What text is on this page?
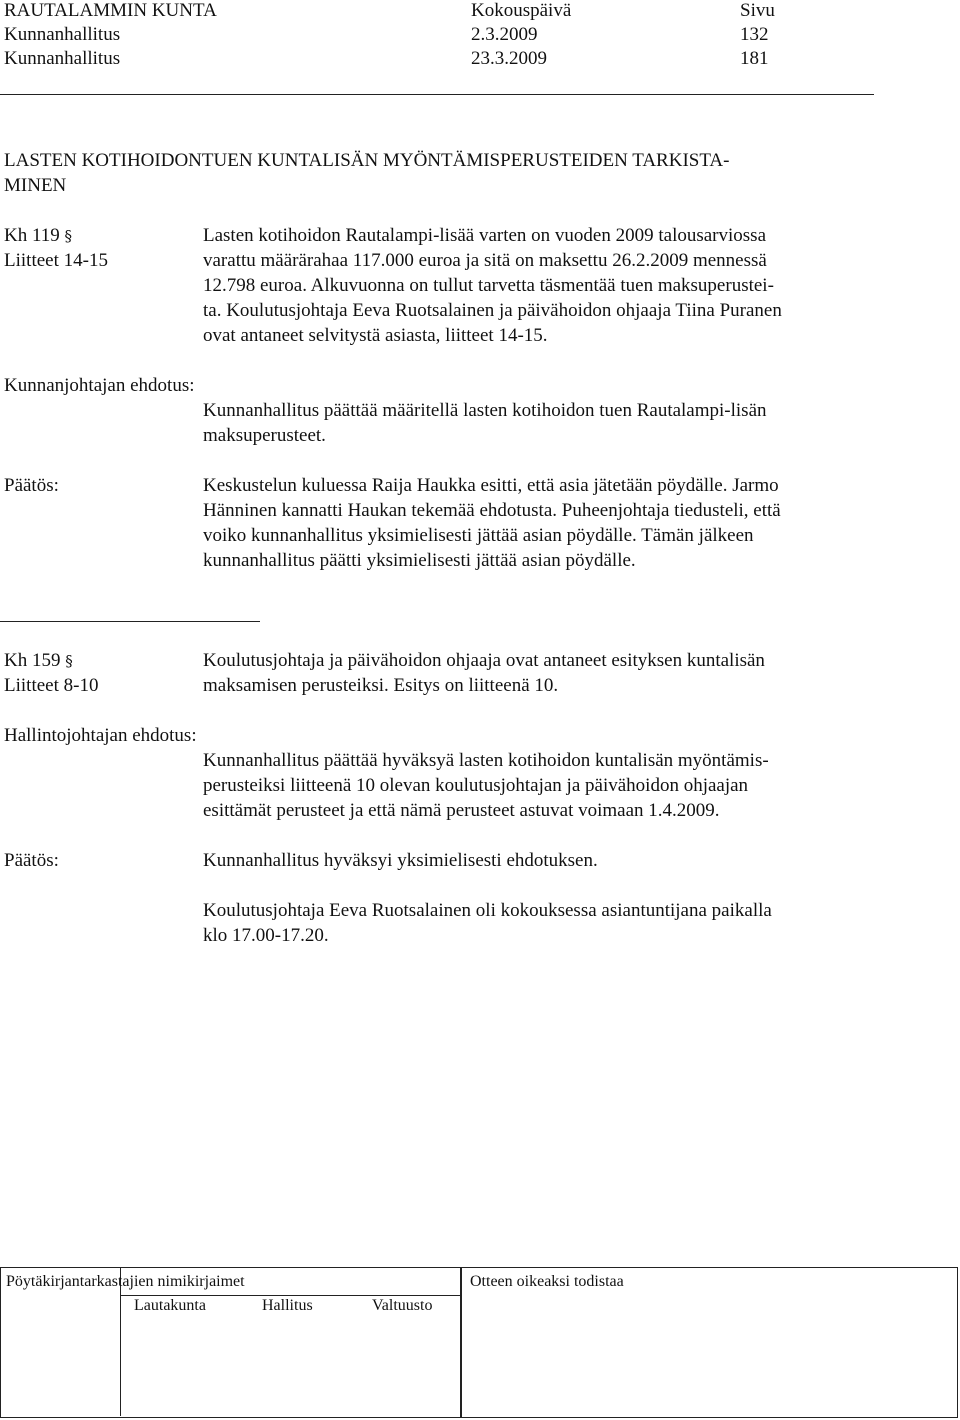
RAUTALAMMIN KUNTA	Kokouspäivä	Sivu
Kunnanhallitus	2.3.2009	132
Kunnanhallitus	23.3.2009	181
LASTEN KOTIHOIDONTUEN KUNTALISÄN MYÖNTÄMISPERUSTEIDEN TARKISTA-
MINEN
Kh 119 §
Liitteet 14-15
Lasten kotihoidon Rautalampi-lisää varten on vuoden 2009 talousarviossa
varattu määrärahaa 117.000 euroa ja sitä on maksettu 26.2.2009 mennessä
12.798 euroa. Alkuvuonna on tullut tarvetta täsmentää tuen maksuperustei-
ta. Koulutusjohtaja Eeva Ruotsalainen ja päivähoidon ohjaaja Tiina Puranen
ovat antaneet selvitystä asiasta, liitteet 14-15.
Kunnanjohtajan ehdotus:
Kunnanhallitus päättää määritellä lasten kotihoidon tuen Rautalampi-lisän
maksuperusteet.
Päätös:	Keskustelun kuluessa Raija Haukka esitti, että asia jätetään pöydälle. Jarmo
Hänninen kannatti Haukan tekemää ehdotusta. Puheenjohtaja tiedusteli, että
voiko kunnanhallitus yksimielisesti jättää asian pöydälle. Tämän jälkeen
kunnanhallitus päätti yksimielisesti jättää asian pöydälle.
Kh 159 §
Liitteet 8-10
Koulutusjohtaja ja päivähoidon ohjaaja ovat antaneet esityksen kuntalisän
maksamisen perusteiksi. Esitys on liitteenä 10.
Hallintojohtajan ehdotus:
Kunnanhallitus päättää hyväksyä lasten kotihoidon kuntalisän myöntämis-
perusteiksi liitteenä 10 olevan koulutusjohtajan ja päivähoidon ohjaajan
esittämät perusteet ja että nämä perusteet astuvat voimaan 1.4.2009.
Päätös:	Kunnanhallitus hyväksyi yksimielisesti ehdotuksen.
Koulutusjohtaja Eeva Ruotsalainen oli kokouksessa asiantuntijana paikalla
klo 17.00-17.20.
Pöytäkirjantarkastajien nimikirjaimet	Otteen oikeaksi todistaa
Lautakunta	Hallitus	Valtuusto
